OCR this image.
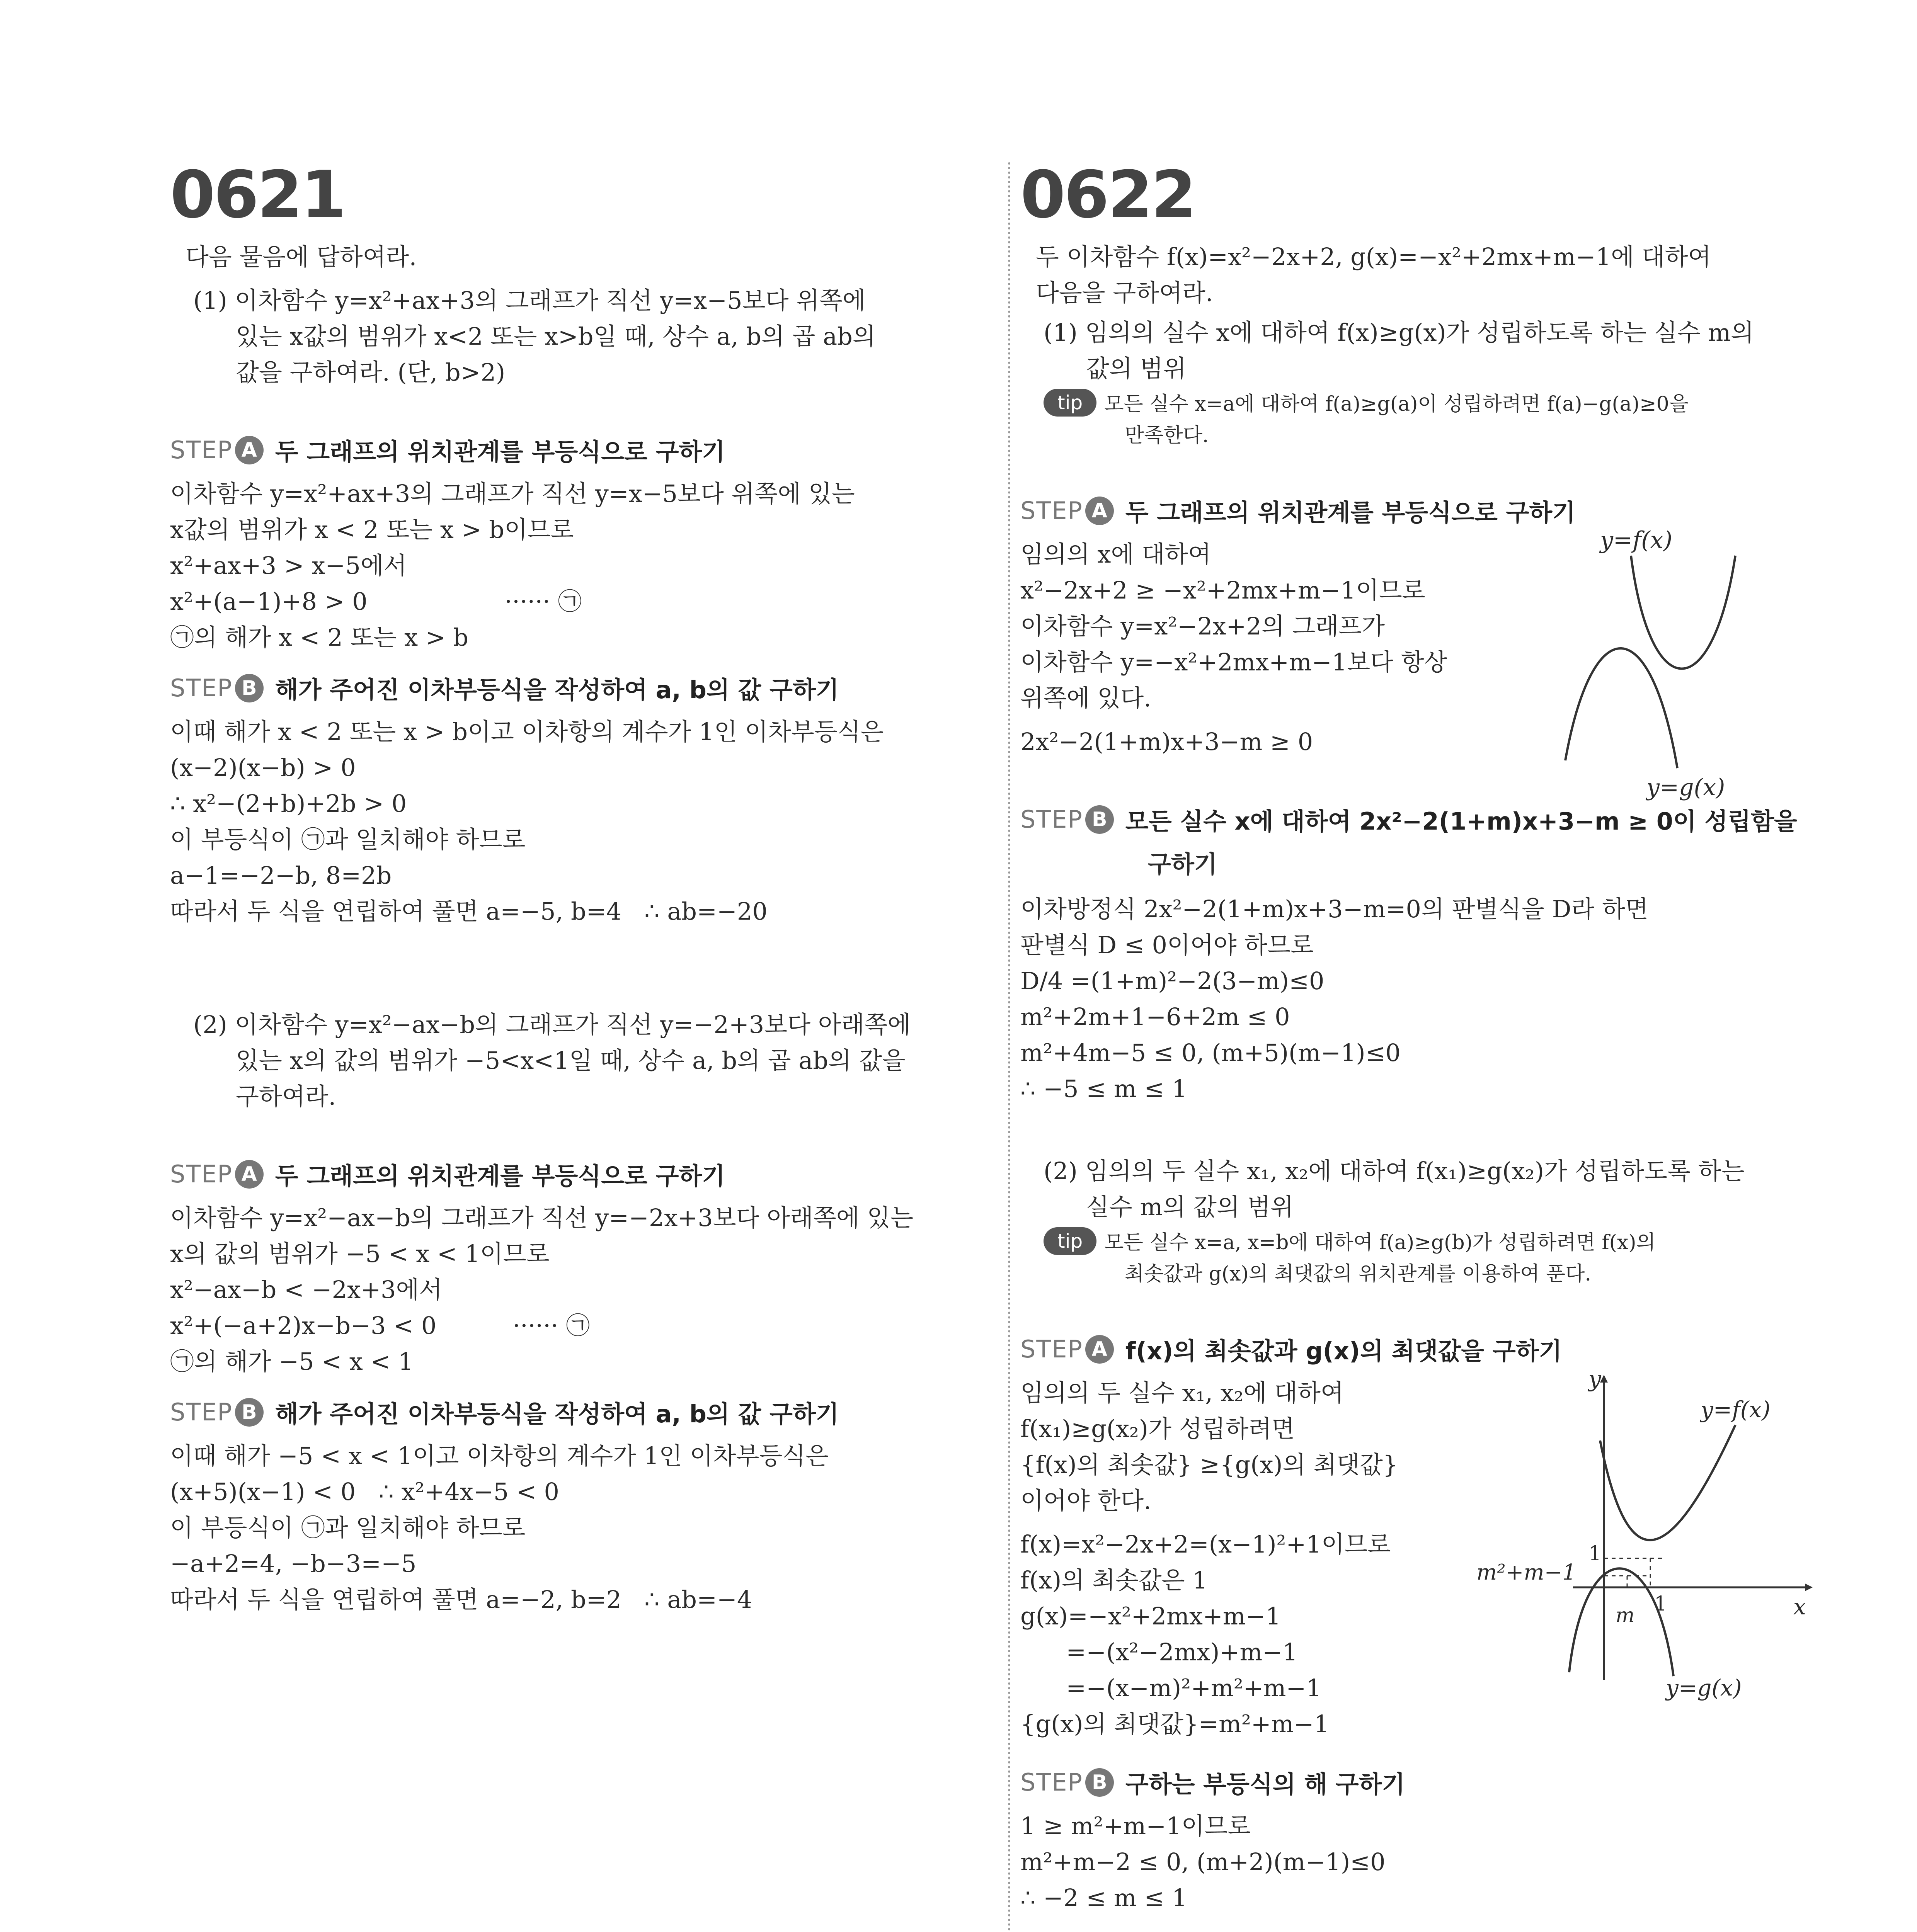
0621

다음 물음에 답하여라.

(1) 이차함수 y=x²+ax+3의 그래프가 직선 y=x−5보다 위쪽에

있는 x값의 범위가 x<2 또는 x>b일 때, 상수 a, b의 곱 ab의

값을 구하여라. (단, b>2)

STEP A 두 그래프의 위치관계를 부등식으로 구하기

이차함수 y=x²+ax+3의 그래프가 직선 y=x−5보다 위쪽에 있는

x값의 범위가 x < 2 또는 x > b이므로

x²+ax+3 > x−5에서

x²+(a−1)+8 > 0                  ······ ㉠

㉠의 해가 x < 2 또는 x > b

STEP B 해가 주어진 이차부등식을 작성하여 a, b의 값 구하기

이때 해가 x < 2 또는 x > b이고 이차항의 계수가 1인 이차부등식은

(x−2)(x−b) > 0

∴ x²−(2+b)+2b > 0

이 부등식이 ㉠과 일치해야 하므로

a−1=−2−b, 8=2b

따라서 두 식을 연립하여 풀면 a=−5, b=4   ∴ ab=−20

(2) 이차함수 y=x²−ax−b의 그래프가 직선 y=−2+3보다 아래쪽에

있는 x의 값의 범위가 −5<x<1일 때, 상수 a, b의 곱 ab의 값을

구하여라.

STEP A 두 그래프의 위치관계를 부등식으로 구하기

이차함수 y=x²−ax−b의 그래프가 직선 y=−2x+3보다 아래쪽에 있는

x의 값의 범위가 −5 < x < 1이므로

x²−ax−b < −2x+3에서

x²+(−a+2)x−b−3 < 0          ······ ㉠

㉠의 해가 −5 < x < 1

STEP B 해가 주어진 이차부등식을 작성하여 a, b의 값 구하기

이때 해가 −5 < x < 1이고 이차항의 계수가 1인 이차부등식은

(x+5)(x−1) < 0   ∴ x²+4x−5 < 0

이 부등식이 ㉠과 일치해야 하므로

−a+2=4, −b−3=−5

따라서 두 식을 연립하여 풀면 a=−2, b=2   ∴ ab=−4

0622

두 이차함수 f(x)=x²−2x+2, g(x)=−x²+2mx+m−1에 대하여

다음을 구하여라.

(1) 임의의 실수 x에 대하여 f(x)≥g(x)가 성립하도록 하는 실수 m의

값의 범위

tip	모든 실수 x=a에 대하여 f(a)≥g(a)이 성립하려면 f(a)−g(a)≥0을

만족한다.

STEP A 두 그래프의 위치관계를 부등식으로 구하기

임의의 x에 대하여

x²−2x+2 ≥ −x²+2mx+m−1이므로

이차함수 y=x²−2x+2의 그래프가

이차함수 y=−x²+2mx+m−1보다 항상

위쪽에 있다.

2x²−2(1+m)x+3−m ≥ 0

y=f(x)
y=g(x)
STEP B 모든 실수 x에 대하여 2x²−2(1+m)x+3−m ≥ 0이 성립함을

구하기

이차방정식 2x²−2(1+m)x+3−m=0의 판별식을 D라 하면

판별식 D ≤ 0이어야 하므로

D/4 =(1+m)²−2(3−m)≤0

m²+2m+1−6+2m ≤ 0

m²+4m−5 ≤ 0, (m+5)(m−1)≤0

∴ −5 ≤ m ≤ 1

(2) 임의의 두 실수 x₁, x₂에 대하여 f(x₁)≥g(x₂)가 성립하도록 하는

실수 m의 값의 범위

tip	모든 실수 x=a, x=b에 대하여 f(a)≥g(b)가 성립하려면 f(x)의

최솟값과 g(x)의 최댓값의 위치관계를 이용하여 푼다.

STEP A f(x)의 최솟값과 g(x)의 최댓값을 구하기

임의의 두 실수 x₁, x₂에 대하여

f(x₁)≥g(x₂)가 성립하려면

{f(x)의 최솟값} ≥{g(x)의 최댓값}

이어야 한다.

f(x)=x²−2x+2=(x−1)²+1이므로

f(x)의 최솟값은 1

g(x)=−x²+2mx+m−1

=−(x²−2mx)+m−1

=−(x−m)²+m²+m−1

{g(x)의 최댓값}=m²+m−1

y
x
m²+m−1
1
1
m
y=f(x)
y=g(x)
STEP B 구하는 부등식의 해 구하기

1 ≥ m²+m−1이므로

m²+m−2 ≤ 0, (m+2)(m−1)≤0

∴ −2 ≤ m ≤ 1
